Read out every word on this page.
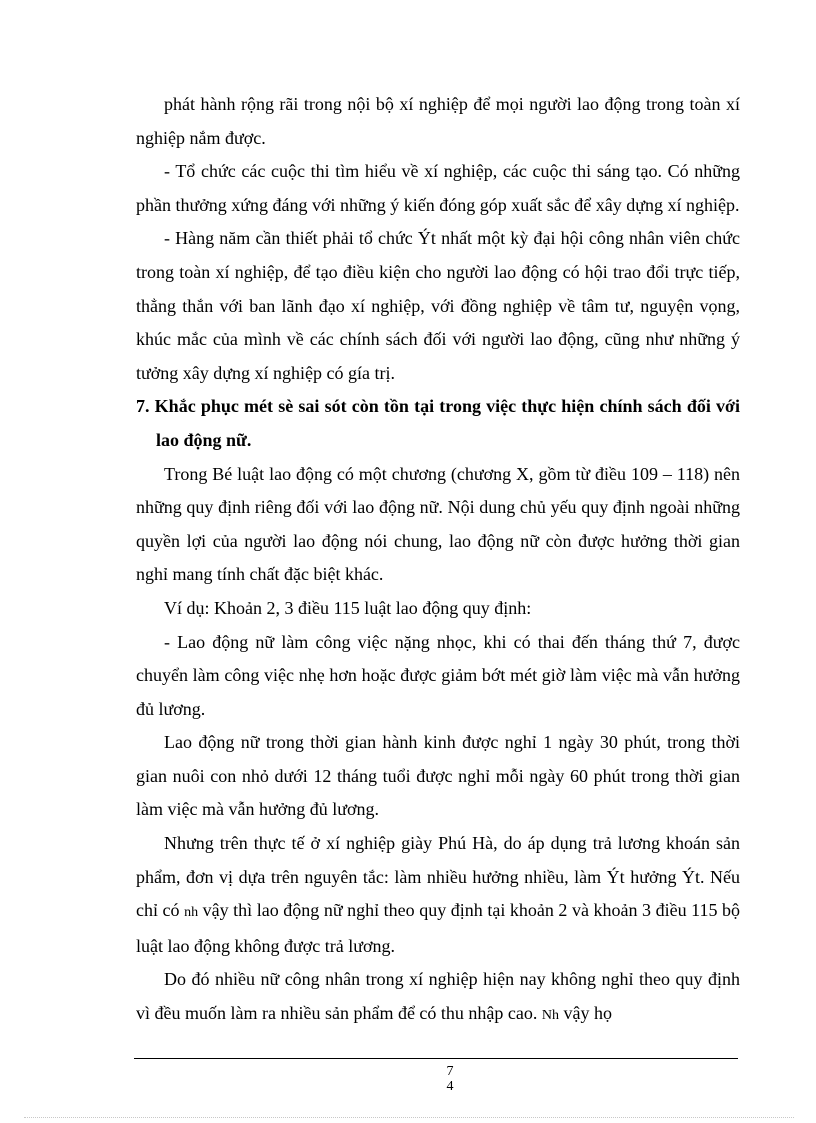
phát hành rộng rãi trong nội bộ xí nghiệp để mọi người lao động trong toàn xí nghiệp nắm được.

- Tổ chức các cuộc thi tìm hiểu về xí nghiệp, các cuộc thi sáng tạo. Có những phần thưởng xứng đáng với những ý kiến đóng góp xuất sắc để xây dựng xí nghiệp.

- Hàng năm cần thiết phải tổ chức Ýt nhất một kỳ đại hội công nhân viên chức trong toàn xí nghiệp, để tạo điều kiện cho người lao động có hội trao đổi trực tiếp, thẳng thắn với ban lãnh đạo xí nghiệp, với đồng nghiệp về tâm tư, nguyện vọng, khúc mắc của mình về các chính sách đối với người lao động, cũng như những ý tưởng xây dựng xí nghiệp có gía trị.

7. Khắc phục mét sè sai sót còn tồn tại trong việc thực hiện chính sách đối với lao động nữ.

Trong Bé luật lao động có một chương (chương X, gồm từ điều 109 – 118) nên những quy định riêng đối với lao động nữ. Nội dung chủ yếu quy định ngoài những quyền lợi của người lao động nói chung, lao động nữ còn được hưởng thời gian nghỉ mang tính chất đặc biệt khác.

Ví dụ: Khoản 2, 3 điều 115 luật lao động quy định:

- Lao động nữ làm công việc nặng nhọc, khi có thai đến tháng thứ 7, được chuyển làm công việc nhẹ hơn hoặc được giảm bớt mét giờ làm việc mà vẫn hưởng đủ lương.

Lao động nữ trong thời gian hành kinh được nghỉ 1 ngày 30 phút, trong thời gian nuôi con nhỏ dưới 12 tháng tuổi được nghỉ mỗi ngày 60 phút trong thời gian làm việc mà vẫn hưởng đủ lương.

Nhưng trên thực tế ở xí nghiệp giày Phú Hà, do áp dụng trả lương khoán sản phẩm, đơn vị dựa trên nguyên tắc: làm nhiều hưởng nhiều, làm Ýt hưởng Ýt. Nếu chỉ có nh vậy thì lao động nữ nghỉ theo quy định tại khoản 2 và khoản 3 điều 115 bộ luật lao động không được trả lương.

Do đó nhiều nữ công nhân trong xí nghiệp hiện nay không nghỉ theo quy định vì đều muốn làm ra nhiều sản phẩm để có thu nhập cao. Nh vậy họ

7
4
